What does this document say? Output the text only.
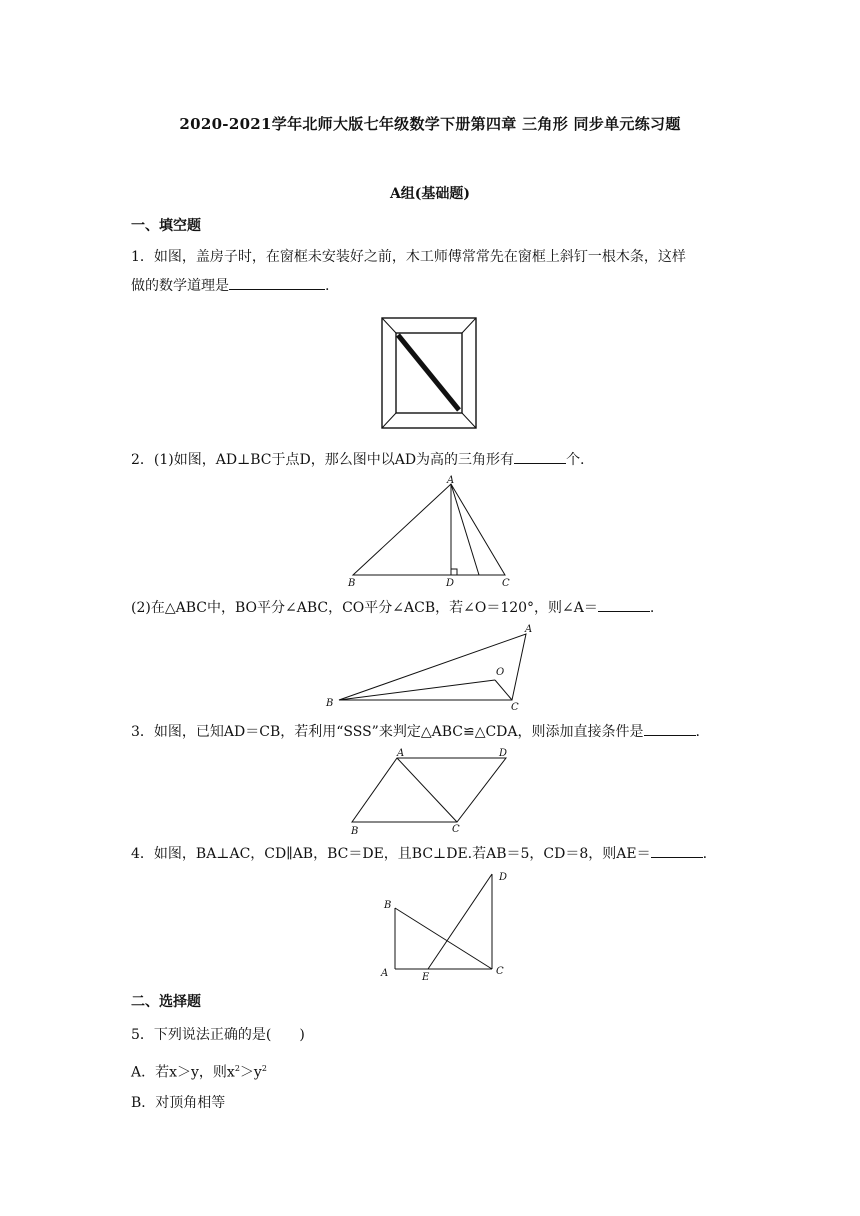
2020-2021学年北师大版七年级数学下册第四章 三角形 同步单元练习题
A组(基础题)
一、填空题
1．如图，盖房子时，在窗框未安装好之前，木工师傅常常先在窗框上斜钉一根木条，这样
做的数学道理是	.
2．(1)如图，AD⊥BC于点D，那么图中以AD为高的三角形有	个.
A
B	D	C
(2)在△ABC中，BO平分∠ABC，CO平分∠ACB，若∠O＝120°，则∠A＝	.
A
B
O
C
3．如图，已知AD＝CB，若利用“SSS”来判定△ABC≌△CDA，则添加直接条件是	.
A	D
B	C
4．如图，BA⊥AC，CD∥AB，BC＝DE，且BC⊥DE.若AB＝5，CD＝8，则AE＝	.
D
B
A	E
C
二、选择题
5．下列说法正确的是(　　)
A．若x＞y，则$x^2>y^2$
B．对顶角相等
